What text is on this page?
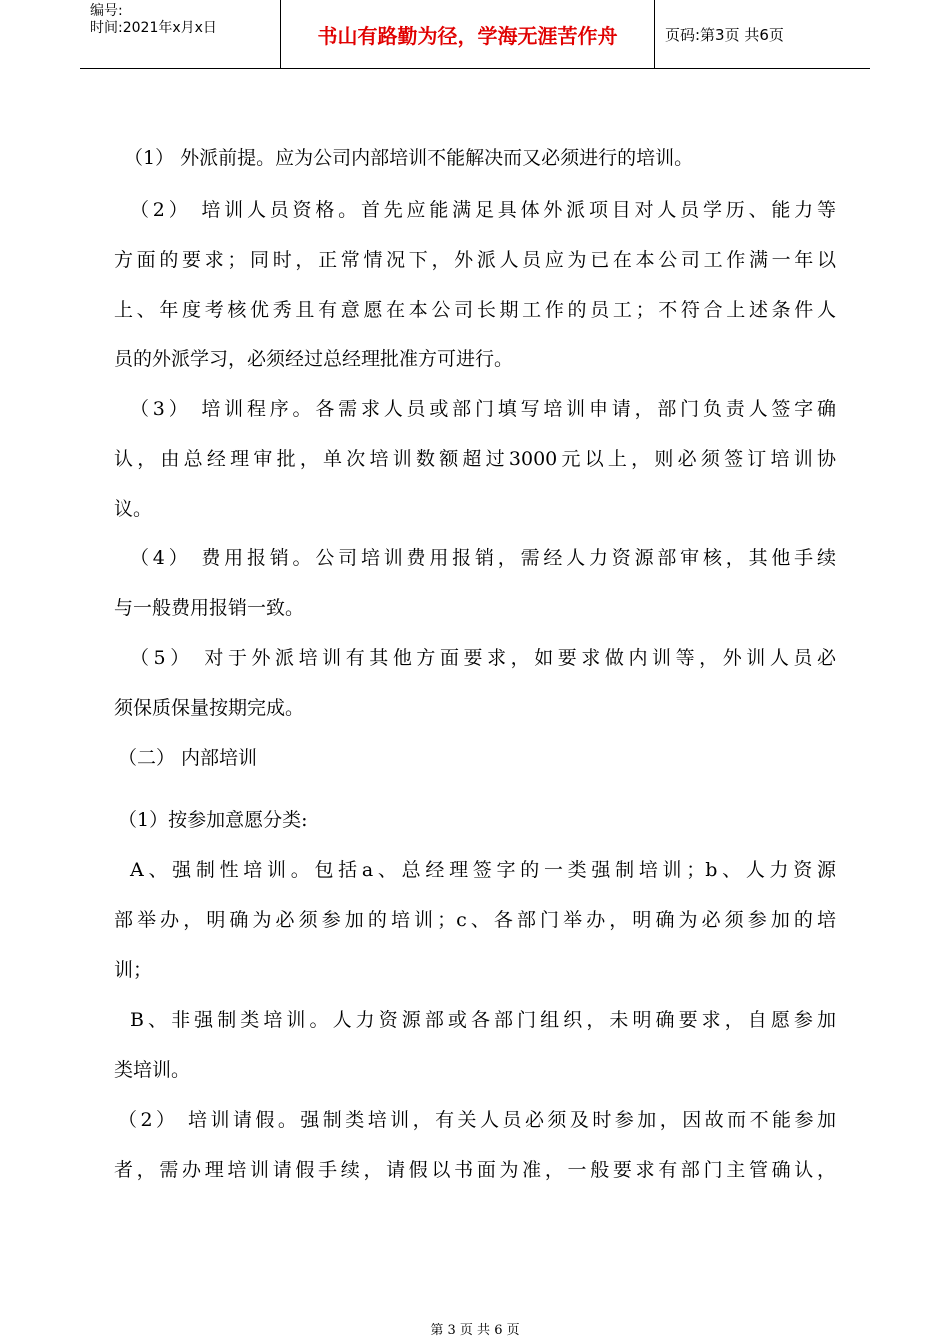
编号:
时间:2021年x月x日	书山有路勤为径，学海无涯苦作舟	页码:第3页 共6页
（1） 外派前提。应为公司内部培训不能解决而又必须进行的培训。
（2） 培训人员资格。首先应能满足具体外派项目对人员学历、能力等
方面的要求；同时，正常情况下，外派人员应为已在本公司工作满一年以
上、年度考核优秀且有意愿在本公司长期工作的员工；不符合上述条件人
员的外派学习，必须经过总经理批准方可进行。
（3） 培训程序。各需求人员或部门填写培训申请，部门负责人签字确
认，由总经理审批，单次培训数额超过3000元以上，则必须签订培训协
议。
（4） 费用报销。公司培训费用报销，需经人力资源部审核，其他手续
与一般费用报销一致。
（5） 对于外派培训有其他方面要求，如要求做内训等，外训人员必
须保质保量按期完成。
（二） 内部培训
（1）按参加意愿分类:
A、强制性培训。包括a、总经理签字的一类强制培训；b、人力资源
部举办，明确为必须参加的培训；c、各部门举办，明确为必须参加的培
训；
B、非强制类培训。人力资源部或各部门组织，未明确要求，自愿参加
类培训。
（2） 培训请假。强制类培训，有关人员必须及时参加，因故而不能参加
者，需办理培训请假手续，请假以书面为准，一般要求有部门主管确认，
第 3 页 共 6 页
